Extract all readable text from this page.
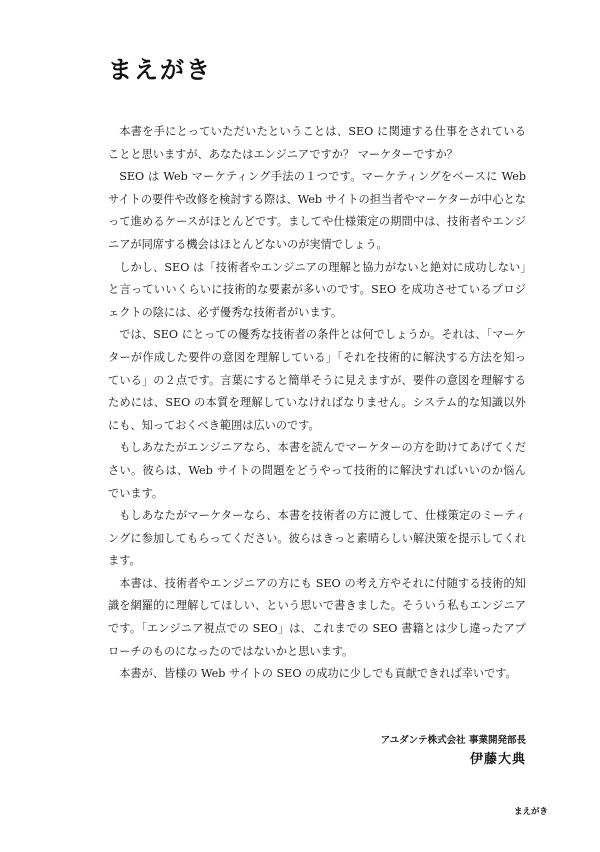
まえがき

本書を手にとっていただいたということは、SEO に関連する仕事をされていることと思いますが、あなたはエンジニアですか？ マーケターですか？

SEO は Web マーケティング手法の１つです。マーケティングをベースに Web サイトの要件や改修を検討する際は、Web サイトの担当者やマーケターが中心となって進めるケースがほとんどです。ましてや仕様策定の期間中は、技術者やエンジニアが同席する機会はほとんどないのが実情でしょう。

しかし、SEO は「技術者やエンジニアの理解と協力がないと絶対に成功しない」と言っていいくらいに技術的な要素が多いのです。SEO を成功させているプロジェクトの陰には、必ず優秀な技術者がいます。

では、SEO にとっての優秀な技術者の条件とは何でしょうか。それは、「マーケターが作成した要件の意図を理解している」「それを技術的に解決する方法を知っている」の２点です。言葉にすると簡単そうに見えますが、要件の意図を理解するためには、SEO の本質を理解していなければなりません。システム的な知識以外にも、知っておくべき範囲は広いのです。

もしあなたがエンジニアなら、本書を読んでマーケターの方を助けてあげてください。彼らは、Web サイトの問題をどうやって技術的に解決すればいいのか悩んでいます。

もしあなたがマーケターなら、本書を技術者の方に渡して、仕様策定のミーティングに参加してもらってください。彼らはきっと素晴らしい解決策を提示してくれます。

本書は、技術者やエンジニアの方にも SEO の考え方やそれに付随する技術的知識を網羅的に理解してほしい、という思いで書きました。そういう私もエンジニアです。「エンジニア視点での SEO」は、これまでの SEO 書籍とは少し違ったアプローチのものになったのではないかと思います。

本書が、皆様の Web サイトの SEO の成功に少しでも貢献できれば幸いです。

アユダンテ株式会社 事業開発部長
伊藤大典
まえがき
